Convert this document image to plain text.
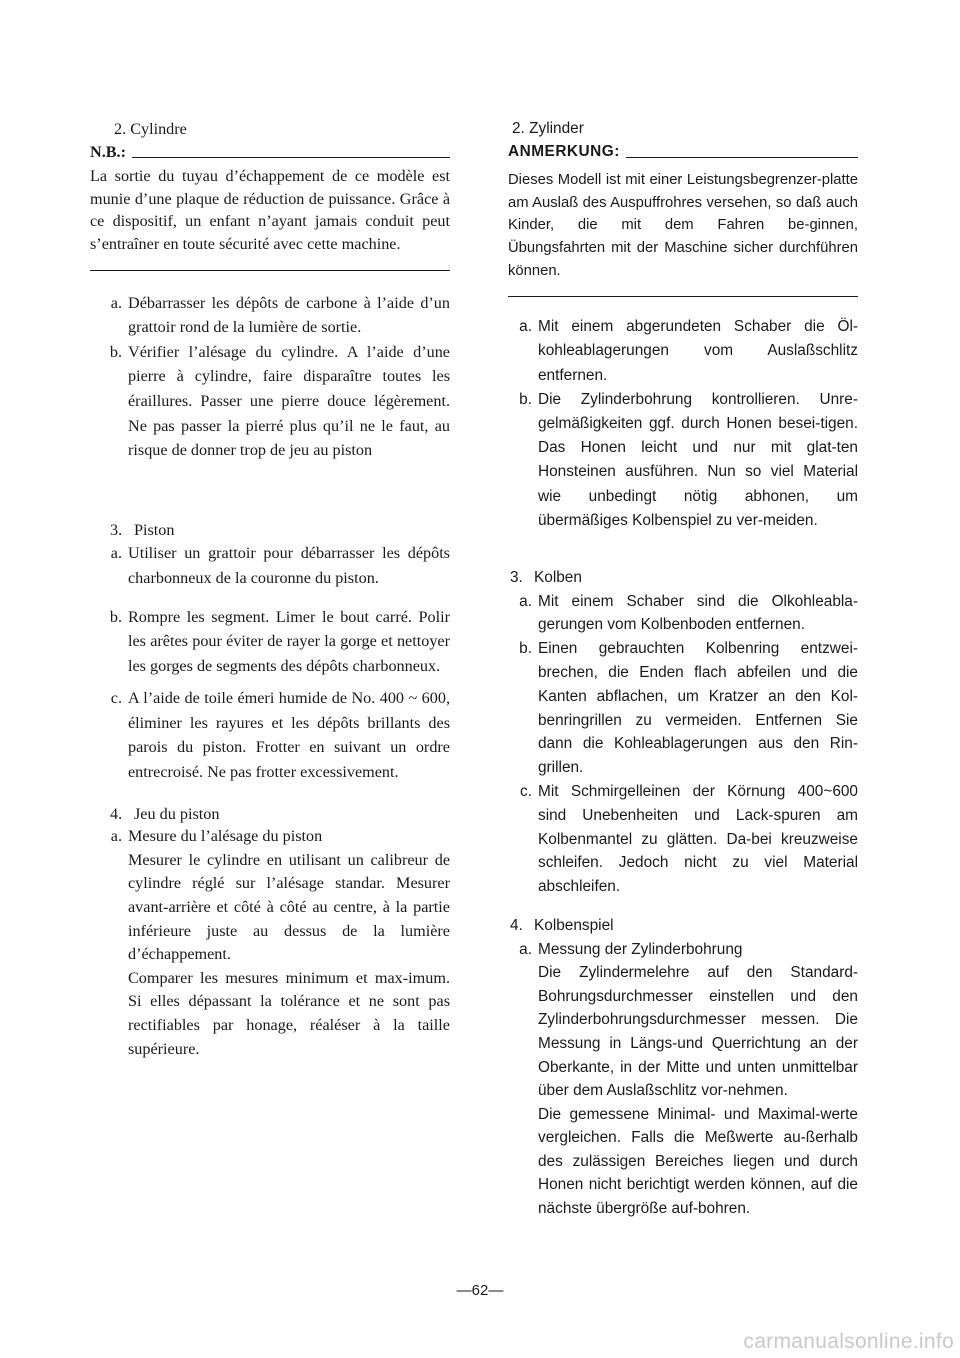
2. Cylindre

N.B.:

La sortie du tuyau d’échappement de ce modèle est munie d’une plaque de réduction de puissance. Grâce à ce dispositif, un enfant n’ayant jamais conduit peut s’entraîner en toute sécurité avec cette machine.

a. Débarrasser les dépôts de carbone à l’aide d’un grattoir rond de la lumière de sortie.
b. Vérifier l’alésage du cylindre. A l’aide d’une pierre à cylindre, faire disparaître toutes les éraillures. Passer une pierre douce légèrement. Ne pas passer la pierré plus qu’il ne le faut, au risque de donner trop de jeu au piston
3. Piston
a. Utiliser un grattoir pour débarrasser les dépôts charbonneux de la couronne du piston.
b. Rompre les segment. Limer le bout carré. Polir les arêtes pour éviter de rayer la gorge et nettoyer les gorges de segments des dépôts charbonneux.
c. A l’aide de toile émeri humide de No. 400 ~ 600, éliminer les rayures et les dépôts brillants des parois du piston. Frotter en suivant un ordre entrecroisé. Ne pas frotter excessivement.
4. Jeu du piston
a. Mesure du l’alésage du piston

Mesurer le cylindre en utilisant un calibreur de cylindre réglé sur l’alésage standar. Mesurer avant-arrière et côté à côté au centre, à la partie inférieure juste au dessus de la lumière d’échappement.

Comparer les mesures minimum et max-imum. Si elles dépassant la tolérance et ne sont pas rectifiables par honage, réaléser à la taille supérieure.

2. Zylinder

ANMERKUNG:

Dieses Modell ist mit einer Leistungsbegrenzer-platte am Auslaß des Auspuffrohres versehen, so daß auch Kinder, die mit dem Fahren be-ginnen, Übungsfahrten mit der Maschine sicher durchführen können.

a. Mit einem abgerundeten Schaber die Öl-kohleablagerungen vom Auslaßschlitz entfernen.
b. Die Zylinderbohrung kontrollieren. Unre-gelmäßigkeiten ggf. durch Honen besei-tigen. Das Honen leicht und nur mit glat-ten Honsteinen ausführen. Nun so viel Material wie unbedingt nötig abhonen, um übermäßiges Kolbenspiel zu ver-meiden.
3. Kolben
a. Mit einem Schaber sind die Olkohleabla-gerungen vom Kolbenboden entfernen.
b. Einen gebrauchten Kolbenring entzwei-brechen, die Enden flach abfeilen und die Kanten abflachen, um Kratzer an den Kol-benringrillen zu vermeiden. Entfernen Sie dann die Kohleablagerungen aus den Rin-grillen.
c. Mit Schmirgelleinen der Körnung 400~600 sind Unebenheiten und Lack-spuren am Kolbenmantel zu glätten. Da-bei kreuzweise schleifen. Jedoch nicht zu viel Material abschleifen.
4. Kolbenspiel
a. Messung der Zylinderbohrung

Die Zylindermelehre auf den Standard-Bohrungsdurchmesser einstellen und den Zylinderbohrungsdurchmesser messen. Die Messung in Längs-und Querrichtung an der Oberkante, in der Mitte und unten unmittelbar über dem Auslaßschlitz vor-nehmen.

Die gemessene Minimal- und Maximal-werte vergleichen. Falls die Meßwerte au-ßerhalb des zulässigen Bereiches liegen und durch Honen nicht berichtigt werden können, auf die nächste übergröße auf-bohren.

—62—
carmanualsonline.info
